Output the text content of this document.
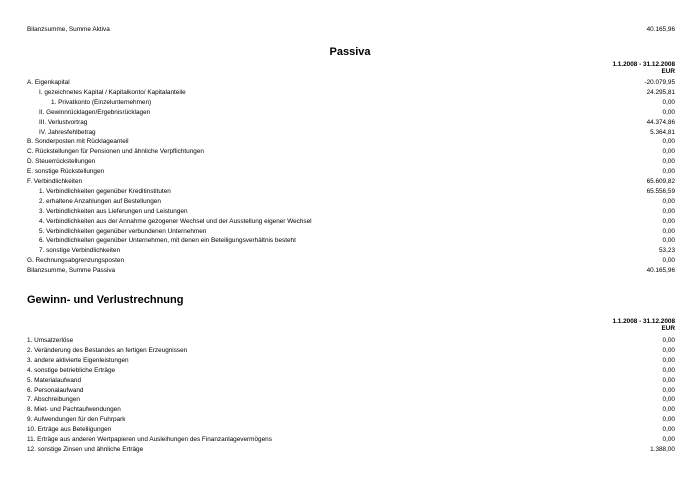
Bilanzsumme, Summe Aktiva	40.165,96
Passiva
1.1.2008 - 31.12.2008
EUR
A. Eigenkapital	-20.079,95
I. gezeichnetes Kapital / Kapitalkonto/ Kapitalanteile	24.295,81
1. Privatkonto (Einzelunternehmen)	0,00
II. Gewinnrücklagen/Ergebnisrücklagen	0,00
III. Verlustvortrag	44.374,86
IV. Jahresfehlbetrag	5.364,81
B. Sonderposten mit Rücklageanteil	0,00
C. Rückstellungen für Pensionen und ähnliche Verpflichtungen	0,00
D. Steuerrückstellungen	0,00
E. sonstige Rückstellungen	0,00
F. Verbindlichkeiten	65.609,82
1. Verbindlichkeiten gegenüber Kreditinstituten	65.556,59
2. erhaltene Anzahlungen auf Bestellungen	0,00
3. Verbindlichkeiten aus Lieferungen und Leistungen	0,00
4. Verbindlichkeiten aus der Annahme gezogener Wechsel und der Ausstellung eigener Wechsel	0,00
5. Verbindlichkeiten gegenüber verbundenen Unternehmen	0,00
6. Verbindlichkeiten gegenüber Unternehmen, mit denen ein Beteiligungsverhältnis besteht	0,00
7. sonstige Verbindlichkeiten	53,23
G. Rechnungsabgrenzungsposten	0,00
Bilanzsumme, Summe Passiva	40.165,96
Gewinn- und Verlustrechnung
1.1.2008 - 31.12.2008
EUR
1. Umsatzerlöse	0,00
2. Veränderung des Bestandes an fertigen Erzeugnissen	0,00
3. andere aktivierte Eigenleistungen	0,00
4. sonstige betriebliche Erträge	0,00
5. Materialaufwand	0,00
6. Personalaufwand	0,00
7. Abschreibungen	0,00
8. Miet- und Pachtaufwendungen	0,00
9. Aufwendungen für den Fuhrpark	0,00
10. Erträge aus Beteiligungen	0,00
11. Erträge aus anderen Wertpapieren und Ausleihungen des Finanzanlagevermögens	0,00
12. sonstige Zinsen und ähnliche Erträge	1.388,00
